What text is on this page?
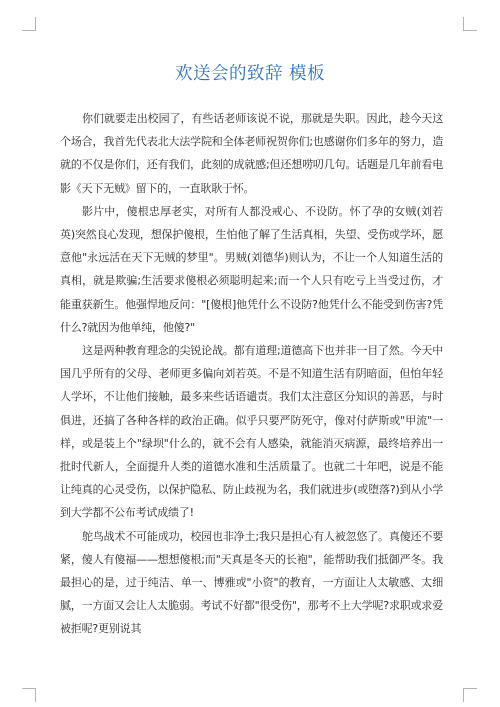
欢送会的致辞 模板

你们就要走出校园了，有些话老师该说不说，那就是失职。因此，趁今天这个场合，我首先代表北大法学院和全体老师祝贺你们;也感谢你们多年的努力，造就的不仅是你们，还有我们，此刻的成就感;但还想唠叨几句。话题是几年前看电影《天下无贼》留下的，一直耿耿于怀。

影片中，傻根忠厚老实，对所有人都没戒心、不设防。怀了孕的女贼(刘若英)突然良心发现，想保护傻根，生怕他了解了生活真相，失望、受伤或学坏，愿意他"永远活在天下无贼的梦里"。男贼(刘德华)则认为，不让一个人知道生活的真相，就是欺骗;生活要求傻根必须聪明起来;而一个人只有吃亏上当受过伤，才能重获新生。他强悍地反问："[傻根]他凭什么不设防?他凭什么不能受到伤害?凭什么?就因为他单纯，他傻?"

这是两种教育理念的尖锐论战。都有道理;道德高下也并非一目了然。今天中国几乎所有的父母、老师更多偏向刘若英。不是不知道生活有阴暗面，但怕年轻人学坏，不让他们接触，最多来些话语谴责。我们太注意区分知识的善恶，与时俱进，还搞了各种各样的政治正确。似乎只要严防死守，像对付萨斯或"甲流"一样，或是装上个"绿坝"什么的，就不会有人感染，就能消灭病源，最终培养出一批时代新人，全面提升人类的道德水准和生活质量了。也就二十年吧，说是不能让纯真的心灵受伤，以保护隐私、防止歧视为名，我们就进步(或堕落?)到从小学到大学都不公布考试成绩了!

鸵鸟战术不可能成功，校园也非净土;我只是担心有人被忽悠了。真傻还不要紧，傻人有傻福——想想傻根;而"天真是冬天的长袍"，能帮助我们抵御严冬。我最担心的是，过于纯洁、单一、博雅或"小资"的教育，一方面让人太敏感、太细腻，一方面又会让人太脆弱。考试不好都"很受伤"，那考不上大学呢?求职或求爱被拒呢?更别说其
